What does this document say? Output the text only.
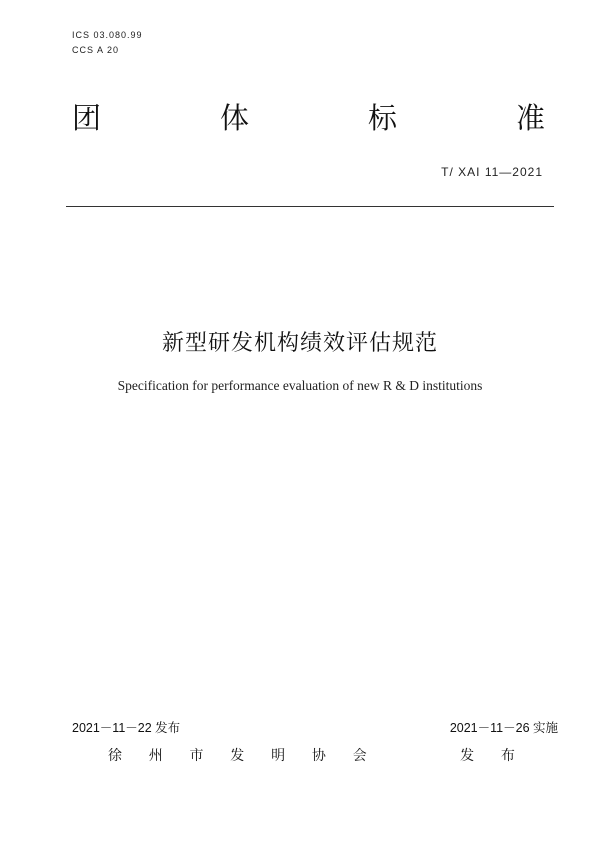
ICS 03.080.99
CCS A 20
团	体	标	准
T/ XAI 11—2021
新型研发机构绩效评估规范
Specification for performance evaluation of new R & D institutions
2021－11－22 发布	2021－11－26 实施
徐 州 市 发 明 协 会	发 布
